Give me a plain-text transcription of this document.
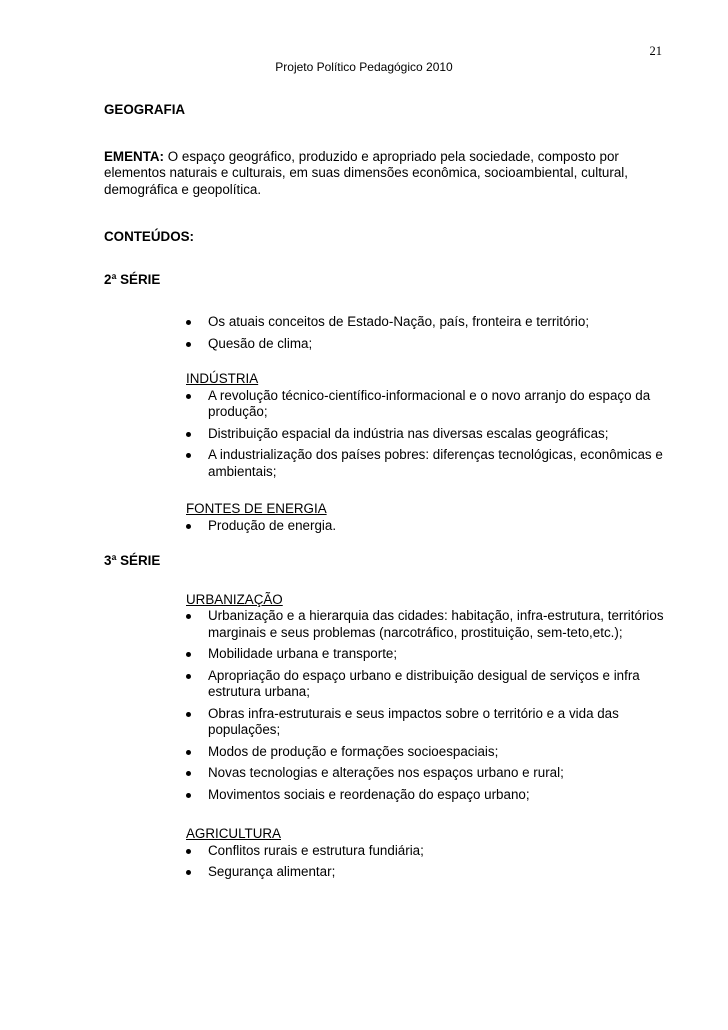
21
Projeto Político Pedagógico 2010

GEOGRAFIA

EMENTA: O espaço geográfico, produzido e apropriado pela sociedade, composto por elementos naturais e culturais, em suas dimensões econômica, socioambiental, cultural, demográfica e geopolítica.

CONTEÚDOS:

2ª SÉRIE

Os atuais conceitos de Estado-Nação, país, fronteira e território;
Quesão de clima;

INDÚSTRIA

A revolução técnico-científico-informacional e o novo arranjo do espaço da produção;
Distribuição espacial da indústria nas diversas escalas geográficas;
A industrialização dos países pobres: diferenças tecnológicas, econômicas e ambientais;

FONTES DE ENERGIA

Produção de energia.

3ª SÉRIE

URBANIZAÇÃO

Urbanização e a hierarquia das cidades: habitação, infra-estrutura, territórios marginais e seus problemas (narcotráfico, prostituição, sem-teto,etc.);
Mobilidade urbana e transporte;
Apropriação do espaço urbano e distribuição desigual de serviços e infra estrutura urbana;
Obras infra-estruturais e seus impactos sobre o território e a vida das populações;
Modos de produção e formações socioespaciais;
Novas tecnologias e alterações nos espaços urbano e rural;
Movimentos sociais e reordenação do espaço urbano;

AGRICULTURA

Conflitos rurais e estrutura fundiária;
Segurança alimentar;
